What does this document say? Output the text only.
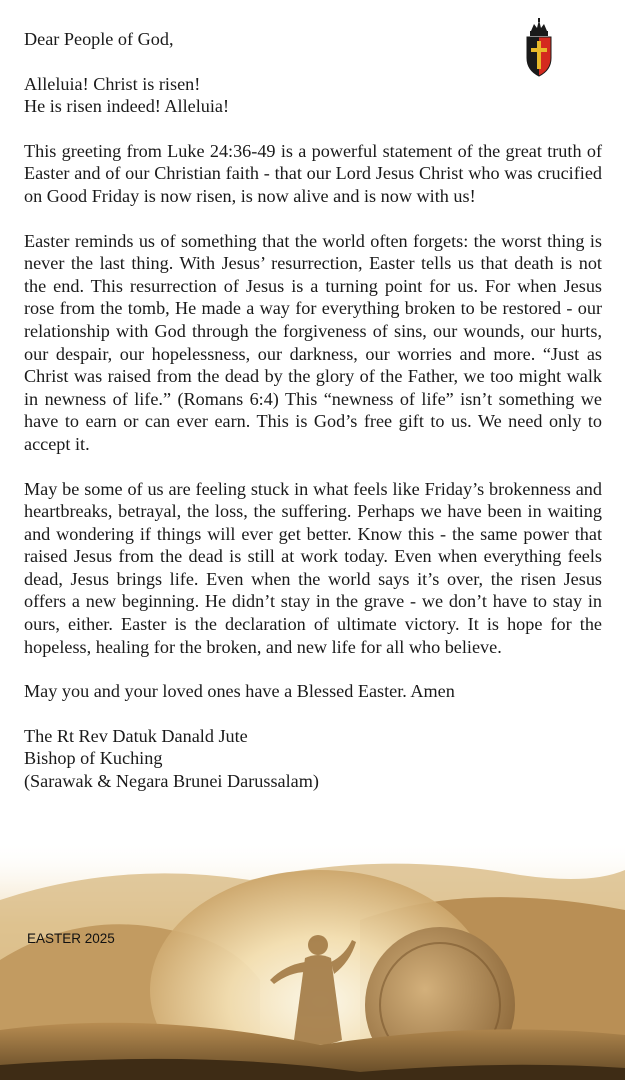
Dear People of God,

Alleluia! Christ is risen!

He is risen indeed! Alleluia!

This greeting from Luke 24:36-49 is a powerful statement of the great truth of Easter and of our Christian faith - that our Lord Jesus Christ who was crucified on Good Friday is now risen, is now alive and is now with us!

Easter reminds us of something that the world often forgets: the worst thing is never the last thing. With Jesus’ resurrection, Easter tells us that death is not the end. This resurrection of Jesus is a turning point for us. For when Jesus rose from the tomb, He made a way for everything broken to be restored - our relationship with God through the forgiveness of sins, our wounds, our hurts, our despair, our hopelessness, our darkness, our worries and more. “Just as Christ was raised from the dead by the glory of the Father, we too might walk in newness of life.” (Romans 6:4) This “newness of life” isn’t something we have to earn or can ever earn. This is God’s free gift to us. We need only to accept it.

May be some of us are feeling stuck in what feels like Friday’s brokenness and heartbreaks, betrayal, the loss, the suffering. Perhaps we have been in waiting and wondering if things will ever get better. Know this - the same power that raised Jesus from the dead is still at work today. Even when everything feels dead, Jesus brings life. Even when the world says it’s over, the risen Jesus offers a new beginning. He didn’t stay in the grave - we don’t have to stay in ours, either. Easter is the declaration of ultimate victory. It is hope for the hopeless, healing for the broken, and new life for all who believe.

May you and your loved ones have a Blessed Easter. Amen

The Rt Rev Datuk Danald Jute

Bishop of Kuching

(Sarawak & Negara Brunei Darussalam)

EASTER 2025
